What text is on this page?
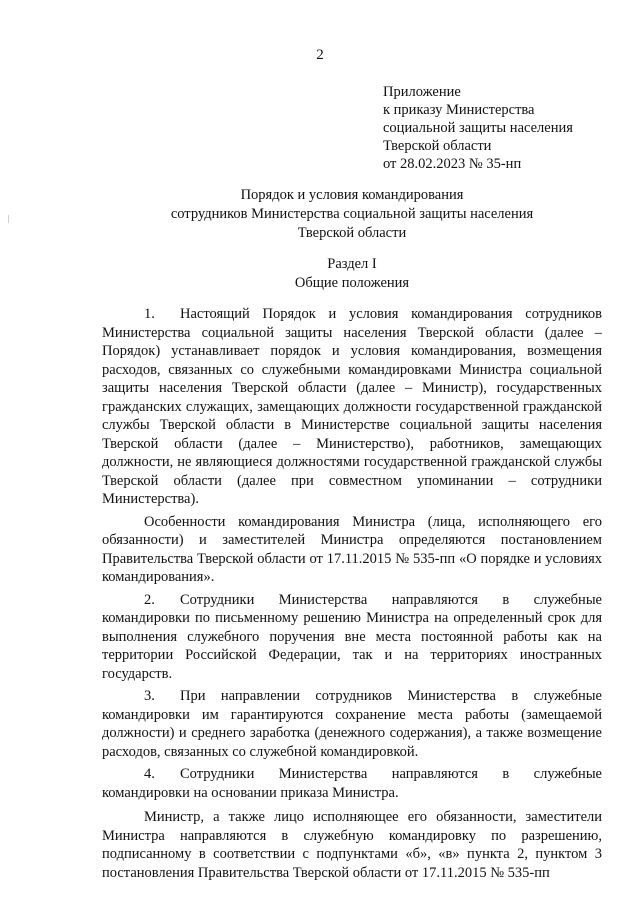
2
Приложение
к приказу Министерства
социальной защиты населения
Тверской области
от 28.02.2023 № 35-нп
Порядок и условия командирования
сотрудников Министерства социальной защиты населения
Тверской области
Раздел I
Общие положения

1. Настоящий Порядок и условия командирования сотрудников Министерства социальной защиты населения Тверской области (далее – Порядок) устанавливает порядок и условия командирования, возмещения расходов, связанных со служебными командировками Министра социальной защиты населения Тверской области (далее – Министр), государственных гражданских служащих, замещающих должности государственной гражданской службы Тверской области в Министерстве социальной защиты населения Тверской области (далее – Министерство), работников, замещающих должности, не являющиеся должностями государственной гражданской службы Тверской области (далее при совместном упоминании – сотрудники Министерства).

Особенности командирования Министра (лица, исполняющего его обязанности) и заместителей Министра определяются постановлением Правительства Тверской области от 17.11.2015 № 535-пп «О порядке и условиях командирования».

2. Сотрудники Министерства направляются в служебные командировки по письменному решению Министра на определенный срок для выполнения служебного поручения вне места постоянной работы как на территории Российской Федерации, так и на территориях иностранных государств.

3. При направлении сотрудников Министерства в служебные командировки им гарантируются сохранение места работы (замещаемой должности) и среднего заработка (денежного содержания), а также возмещение расходов, связанных со служебной командировкой.

4. Сотрудники Министерства направляются в служебные командировки на основании приказа Министра.

Министр, а также лицо исполняющее его обязанности, заместители Министра направляются в служебную командировку по разрешению, подписанному в соответствии с подпунктами «б», «в» пункта 2, пунктом 3 постановления Правительства Тверской области от 17.11.2015 № 535-пп
